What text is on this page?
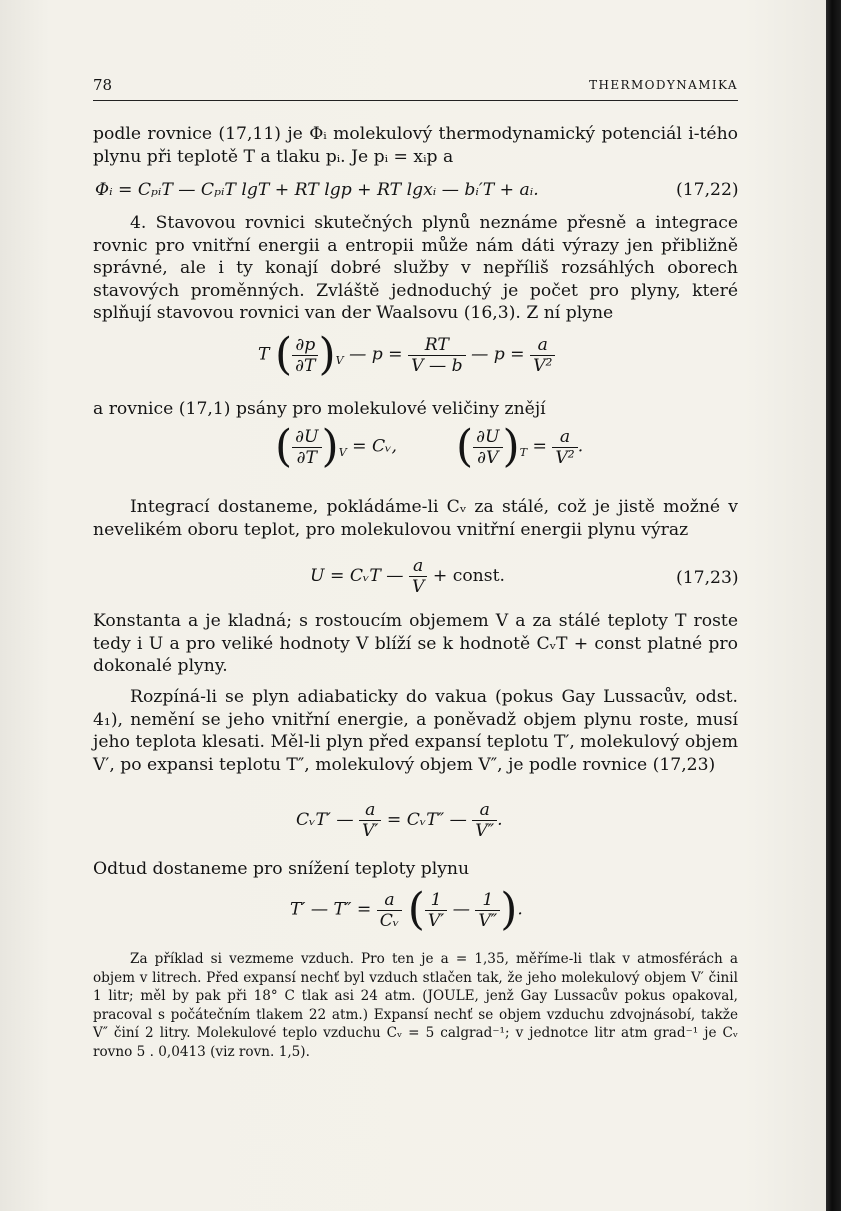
78	THERMODYNAMIKA
podle rovnice (17,11) je Φᵢ molekulový thermodynamický potenciál i-tého plynu při teplotě T a tlaku pᵢ. Je pᵢ = xᵢp a
Φᵢ = CₚᵢT — CₚᵢT lgT + RT lgp + RT lgxᵢ — bᵢ′T + aᵢ.	(17,22)
4. Stavovou rovnici skutečných plynů neznáme přesně a integrace rovnic pro vnitřní energii a entropii může nám dáti výrazy jen přibližně správné, ale i ty konají dobré služby v nepříliš rozsáhlých oborech stavových proměnných. Zvláště jednoduchý je počet pro plyny, které splňují stavovou rovnici van der Waalsovu (16,3). Z ní plyne
T ( $\frac{\partial p}{\partial T} )_V$ — $p = \frac{RT}{V — b}$ — $p = \frac{a}{\text{V²}}$
a rovnice (17,1) psány pro molekulové veličiny znějí
( $\frac{\partial U}{\partial T} )_V$ = Cᵥ, ( $\frac{\partial U}{\partial V} )_T = \frac{a}{\text{V²}}$ .
Integrací dostaneme, pokládáme-li Cᵥ za stálé, což je jistě možné v nevelikém oboru teplot, pro molekulovou vnitřní energii plynu výraz
U = CᵥT — $\frac{a}{V}$ + const.	(17,23)
Konstanta a je kladná; s rostoucím objemem V a za stálé teploty T roste tedy i U a pro veliké hodnoty V blíží se k hodnotě CᵥT + const platné pro dokonalé plyny.
Rozpíná-li se plyn adiabaticky do vakua (pokus Gay Lussacův, odst. 4₁), nemění se jeho vnitřní energie, a poněvadž objem plynu roste, musí jeho teplota klesati. Měl-li plyn před expansí teplotu T′, molekulový objem V′, po expansi teplotu T″, molekulový objem V″, je podle rovnice (17,23)
CᵥT′ — $\frac{a}{V'}$ = CᵥT″ — $\frac{a}{V''}$ .
Odtud dostaneme pro snížení teploty plynu
T′ — $T'' = \frac{a}{\text{Cᵥ}}$ ( $\frac{1}{V'}$ — $\frac{1}{V''}$ ).
Za příklad si vezmeme vzduch. Pro ten je a = 1,35, měříme-li tlak v atmosférách a objem v litrech. Před expansí nechť byl vzduch stlačen tak, že jeho molekulový objem V′ činil 1 litr; měl by pak při 18° C tlak asi 24 atm. (JOULE, jenž Gay Lussacův pokus opakoval, pracoval s počátečním tlakem 22 atm.) Expansí nechť se objem vzduchu zdvojnásobí, takže V″ činí 2 litry. Molekulové teplo vzduchu Cᵥ = 5 calgrad⁻¹; v jednotce litr atm grad⁻¹ je Cᵥ rovno 5 . 0,0413 (viz rovn. 1,5).
